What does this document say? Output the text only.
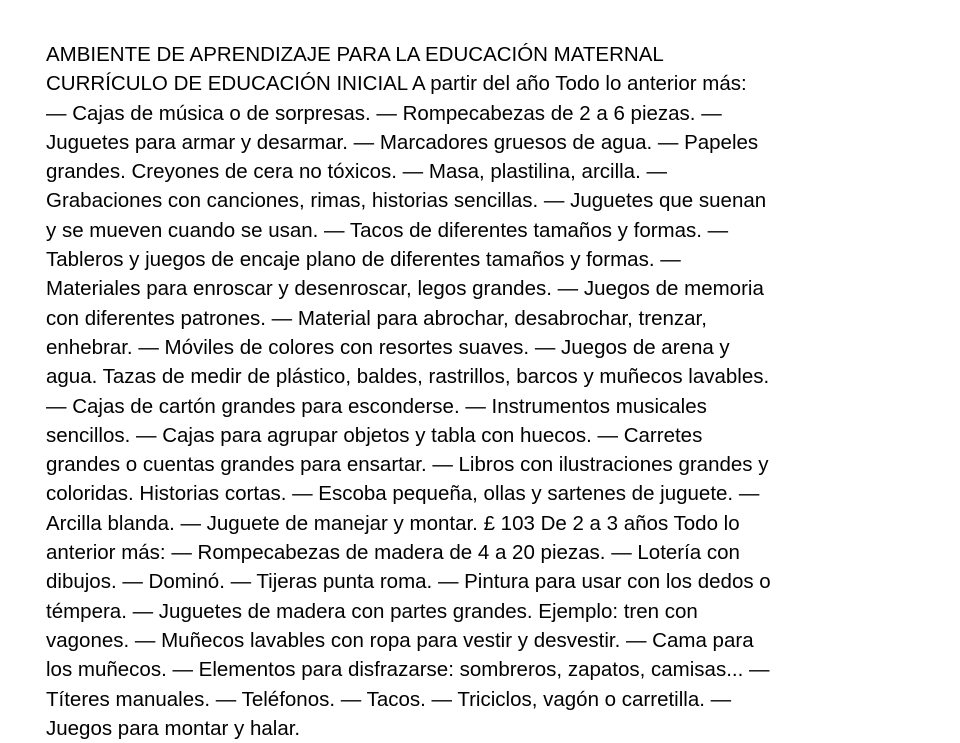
AMBIENTE DE APRENDIZAJE PARA LA EDUCACIÓN MATERNAL
CURRÍCULO DE EDUCACIÓN INICIAL A partir del año Todo lo anterior más:
— Cajas de música o de sorpresas. — Rompecabezas de 2 a 6 piezas. —
Juguetes para armar y desarmar. — Marcadores gruesos de agua. — Papeles
grandes. Creyones de cera no tóxicos. — Masa, plastilina, arcilla. —
Grabaciones con canciones, rimas, historias sencillas. — Juguetes que suenan
y se mueven cuando se usan. — Tacos de diferentes tamaños y formas. —
Tableros y juegos de encaje plano de diferentes tamaños y formas. —
Materiales para enroscar y desenroscar, legos grandes. — Juegos de memoria
con diferentes patrones. — Material para abrochar, desabrochar, trenzar,
enhebrar. — Móviles de colores con resortes suaves. — Juegos de arena y
agua. Tazas de medir de plástico, baldes, rastrillos, barcos y muñecos lavables.
— Cajas de cartón grandes para esconderse. — Instrumentos musicales
sencillos. — Cajas para agrupar objetos y tabla con huecos. — Carretes
grandes o cuentas grandes para ensartar. — Libros con ilustraciones grandes y
coloridas. Historias cortas. — Escoba pequeña, ollas y sartenes de juguete. —
Arcilla blanda. — Juguete de manejar y montar. £ 103 De 2 a 3 años Todo lo
anterior más: — Rompecabezas de madera de 4 a 20 piezas. — Lotería con
dibujos. — Dominó. — Tijeras punta roma. — Pintura para usar con los dedos o
témpera. — Juguetes de madera con partes grandes. Ejemplo: tren con
vagones. — Muñecos lavables con ropa para vestir y desvestir. — Cama para
los muñecos. — Elementos para disfrazarse: sombreros, zapatos, camisas... —
Títeres manuales. — Teléfonos. — Tacos. — Triciclos, vagón o carretilla. —
Juegos para montar y halar.
